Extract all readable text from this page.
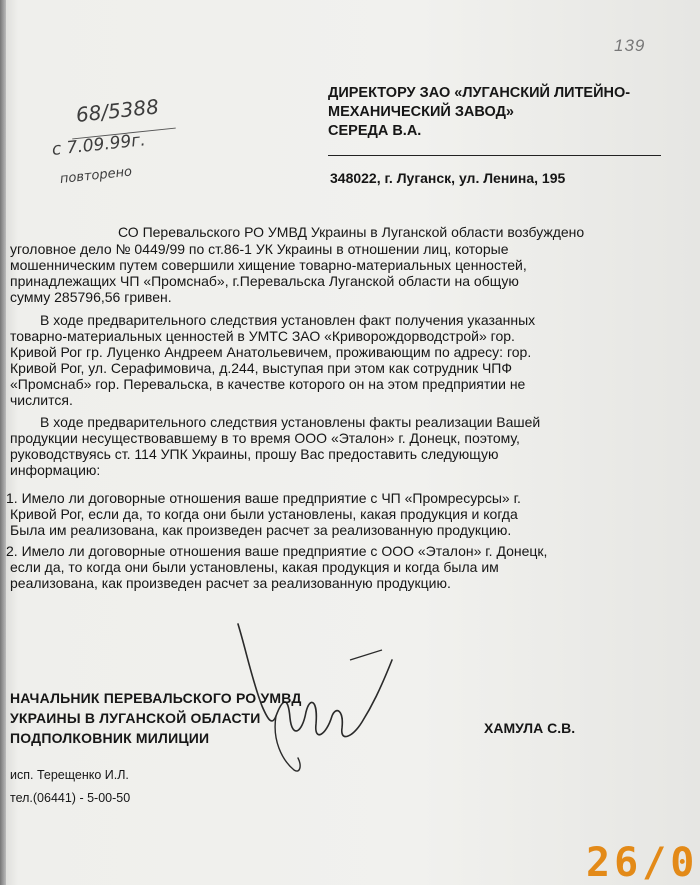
139
68/5388
с 7.09.99г.
повторено
ДИРЕКТОРУ ЗАО «ЛУГАНСКИЙ ЛИТЕЙНО-
МЕХАНИЧЕСКИЙ ЗАВОД»
СЕРЕДА В.А.
348022, г. Луганск, ул. Ленина, 195
СО Перевальского РО УМВД Украины в Луганской области возбуждено
уголовное дело № 0449/99 по ст.86-1 УК Украины в отношении лиц, которые
мошенническим путем совершили хищение товарно-материальных ценностей,
принадлежащих ЧП «Промснаб», г.Перевальска Луганской области на общую
сумму 285796,56 гривен.
В ходе предварительного следствия установлен факт получения указанных
товарно-материальных ценностей в УМТС ЗАО «Криворождорводстрой» гор.
Кривой Рог гр. Луценко Андреем Анатольевичем, проживающим по адресу: гор.
Кривой Рог, ул. Серафимовича, д.244, выступая при этом как сотрудник ЧПФ
«Промснаб» гор. Перевальска, в качестве которого он на этом предприятии не
числится.
В ходе предварительного следствия установлены факты реализации Вашей
продукции несуществовавшему в то время ООО «Эталон» г. Донецк, поэтому,
руководствуясь ст. 114 УПК Украины, прошу Вас предоставить следующую
информацию:
1. Имело ли договорные отношения ваше предприятие с ЧП «Промресурсы» г.
Кривой Рог, если да, то когда они были установлены, какая продукция и когда
Была им реализована, как произведен расчет за реализованную продукцию.
2. Имело ли договорные отношения ваше предприятие с ООО «Эталон» г. Донецк,
если да, то когда они были установлены, какая продукция и когда была им
реализована, как произведен расчет за реализованную продукцию.
НАЧАЛЬНИК ПЕРЕВАЛЬСКОГО РО УМВД
УКРАИНЫ В ЛУГАНСКОЙ ОБЛАСТИ
ПОДПОЛКОВНИК МИЛИЦИИ
ХАМУЛА С.В.
исп. Терещенко И.Л.
тел.(06441) - 5-00-50
26/0
